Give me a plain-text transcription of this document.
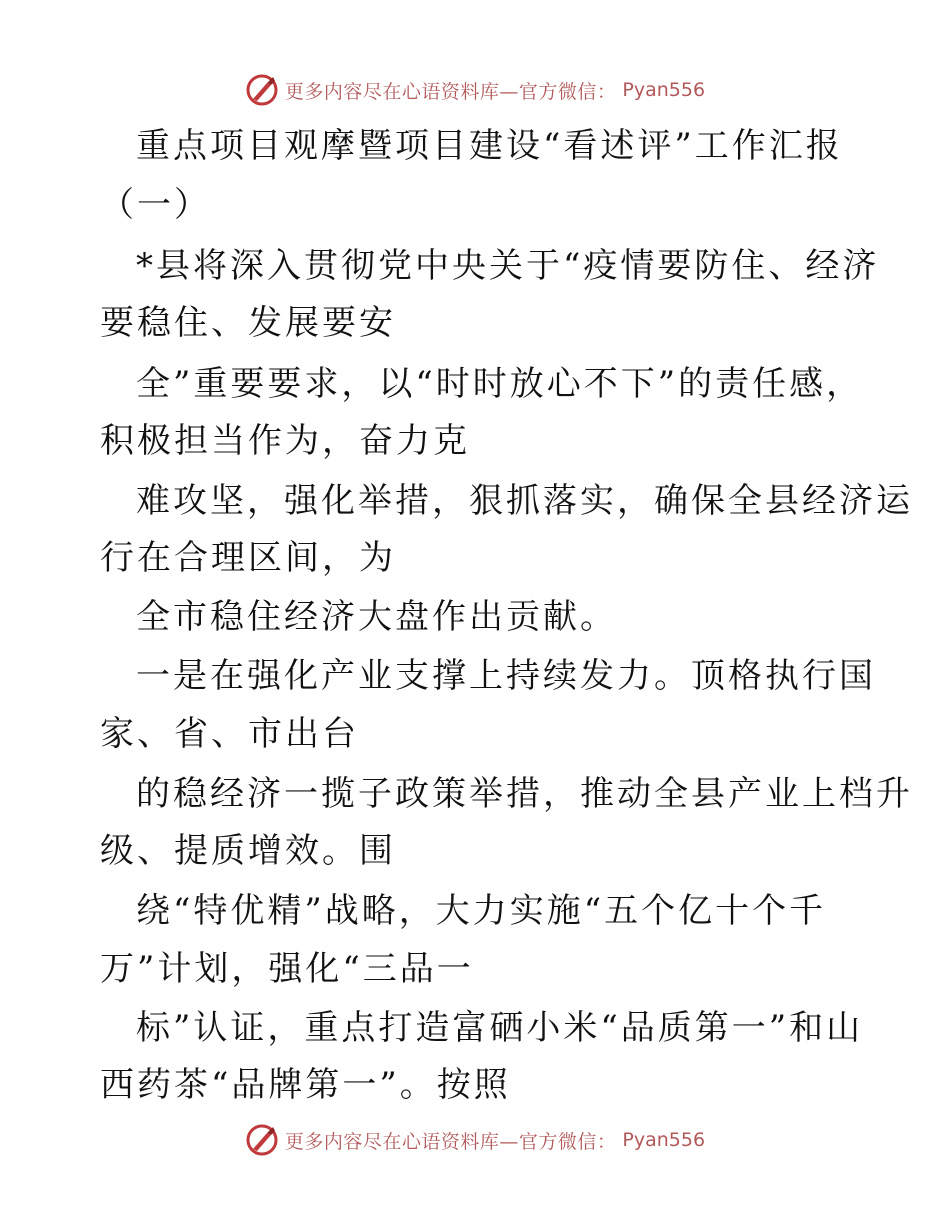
更多内容尽在心语资料库—官方微信： Pyan556
重点项目观摩暨项目建设“看述评”工作汇报
（一）
*县将深入贯彻党中央关于“疫情要防住、经济
要稳住、发展要安
全”重要要求，以“时时放心不下”的责任感，
积极担当作为，奋力克
难攻坚，强化举措，狠抓落实，确保全县经济运
行在合理区间，为
全市稳住经济大盘作出贡献。
一是在强化产业支撑上持续发力。顶格执行国
家、省、市出台
的稳经济一揽子政策举措，推动全县产业上档升
级、提质增效。围
绕“特优精”战略，大力实施“五个亿十个千
万”计划，强化“三品一
标”认证，重点打造富硒小米“品质第一”和山
西药茶“品牌第一”。按照
更多内容尽在心语资料库—官方微信： Pyan556
